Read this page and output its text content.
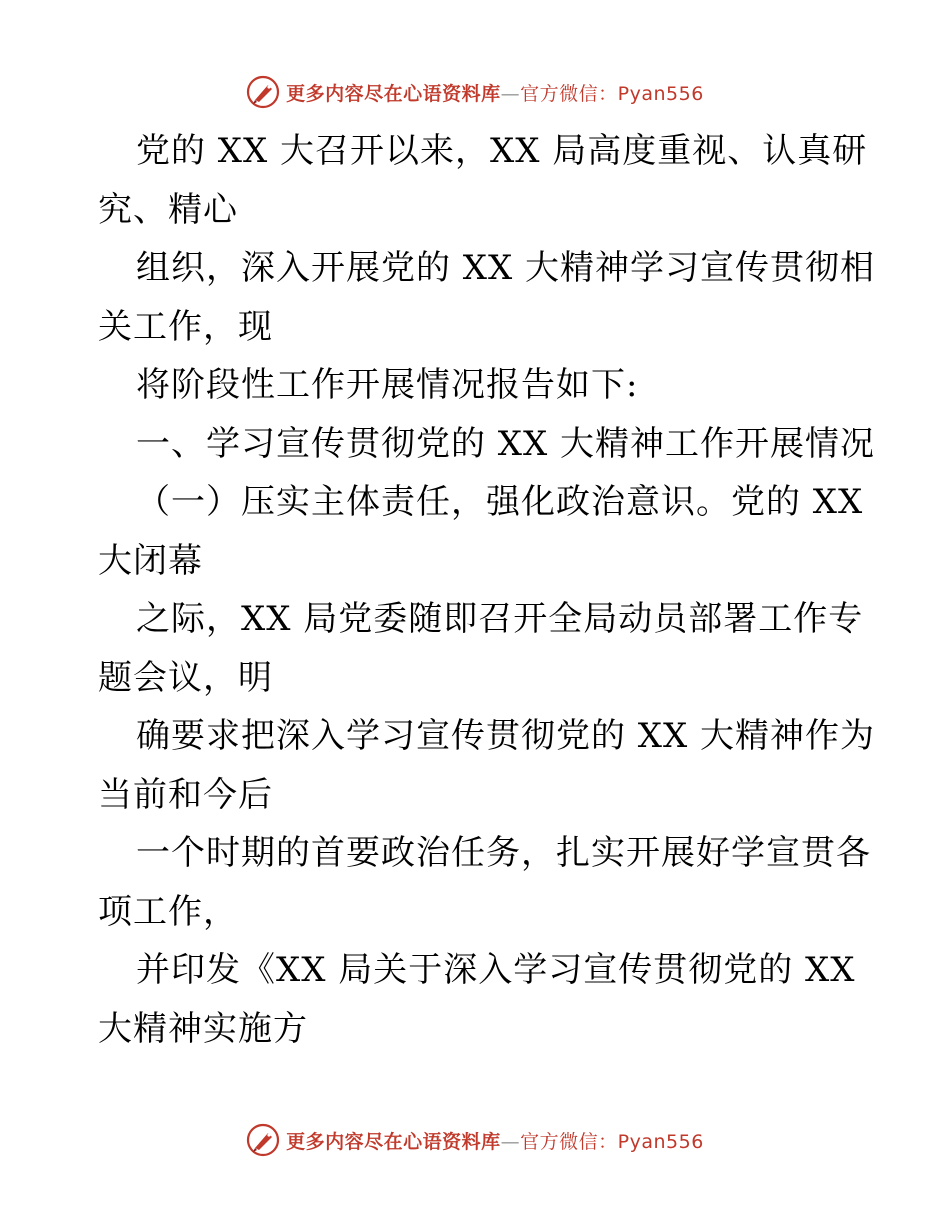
更多内容尽在心语资料库—官方微信：Pyan556
党的 XX 大召开以来，XX 局高度重视、认真研
究、精心
组织，深入开展党的 XX 大精神学习宣传贯彻相
关工作，现
将阶段性工作开展情况报告如下:
一、学习宣传贯彻党的 XX 大精神工作开展情况
（一）压实主体责任，强化政治意识。党的 XX
大闭幕
之际，XX 局党委随即召开全局动员部署工作专
题会议，明
确要求把深入学习宣传贯彻党的 XX 大精神作为
当前和今后
一个时期的首要政治任务，扎实开展好学宣贯各
项工作，
并印发《XX 局关于深入学习宣传贯彻党的 XX
大精神实施方
更多内容尽在心语资料库—官方微信：Pyan556
